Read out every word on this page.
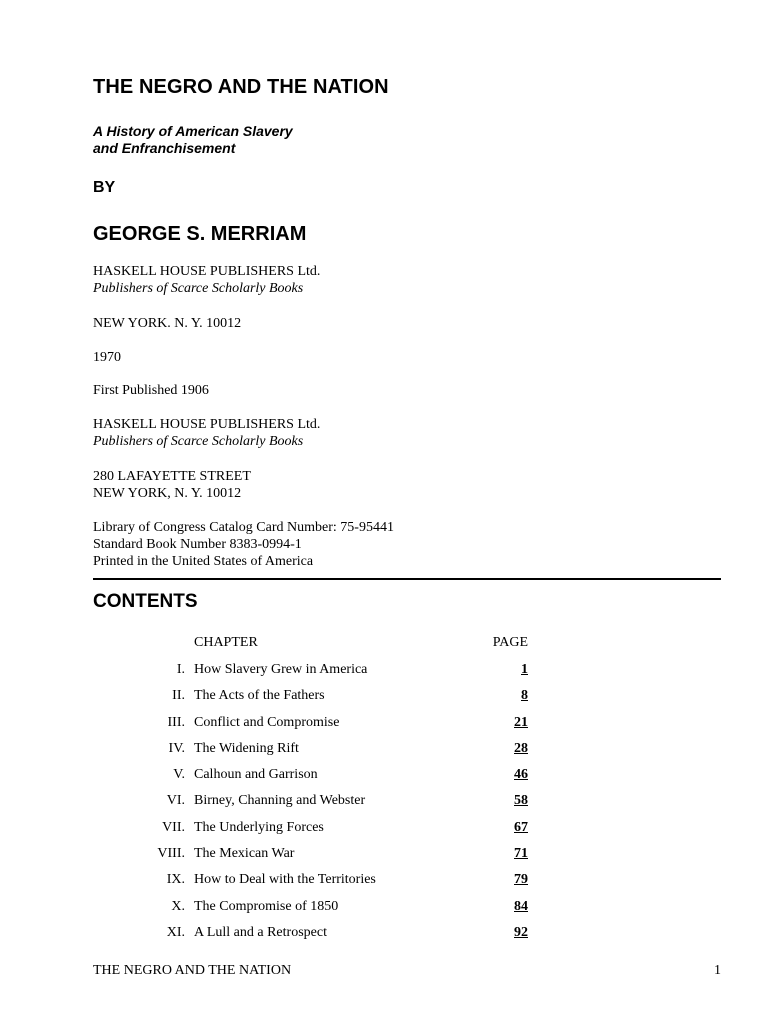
THE NEGRO AND THE NATION
A History of American Slavery
and Enfranchisement
BY
GEORGE S. MERRIAM
HASKELL HOUSE PUBLISHERS Ltd.
Publishers of Scarce Scholarly Books
NEW YORK. N. Y. 10012
1970
First Published 1906
HASKELL HOUSE PUBLISHERS Ltd.
Publishers of Scarce Scholarly Books
280 LAFAYETTE STREET
NEW YORK, N. Y. 10012
Library of Congress Catalog Card Number: 75-95441
Standard Book Number 8383-0994-1
Printed in the United States of America
CONTENTS
CHAPTER	PAGE
I. How Slavery Grew in America	1
II. The Acts of the Fathers	8
III. Conflict and Compromise	21
IV. The Widening Rift	28
V. Calhoun and Garrison	46
VI. Birney, Channing and Webster	58
VII. The Underlying Forces	67
VIII. The Mexican War	71
IX. How to Deal with the Territories	79
X. The Compromise of 1850	84
XI. A Lull and a Retrospect	92
THE NEGRO AND THE NATION	1
